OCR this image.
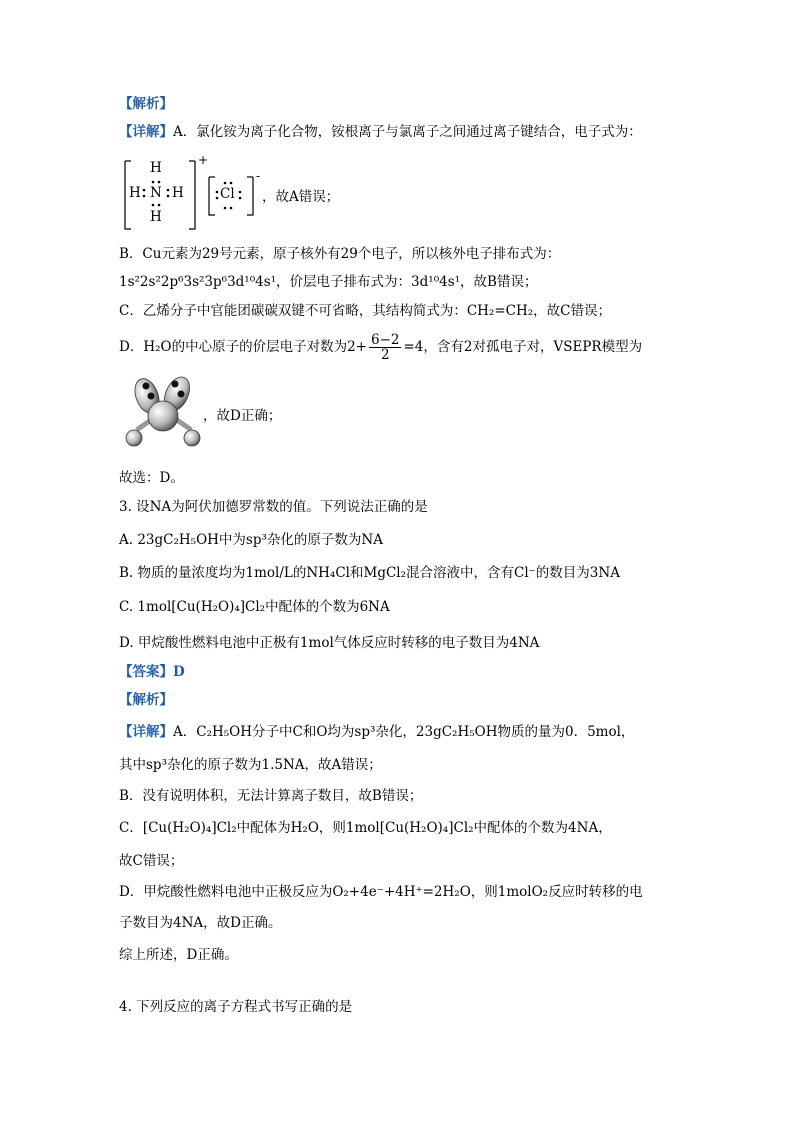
【解析】
【详解】A．氯化铵为离子化合物，铵根离子与氯离子之间通过离子键结合，电子式为：
H
H N H
H
+
Cl
-
，故A错误；
B．Cu元素为29号元素，原子核外有29个电子，所以核外电子排布式为：
1s²2s²2p⁶3s²3p⁶3d¹⁰4s¹，价层电子排布式为：3d¹⁰4s¹，故B错误；
C．乙烯分子中官能团碳碳双键不可省略，其结构简式为：CH₂=CH₂，故C错误；
D．H₂O的中心原子的价层电子对数为$2+ \frac{6-2}{2} =4$，含有2对孤电子对，VSEPR模型为
，故D正确；
故选：D。
3. 设NA为阿伏加德罗常数的值。下列说法正确的是
A. 23gC₂H₅OH中为sp³杂化的原子数为NA
B. 物质的量浓度均为1mol/L的NH₄Cl和MgCl₂混合溶液中，含有Cl⁻的数目为3NA
C. 1mol[Cu(H₂O)₄]Cl₂中配体的个数为6NA
D. 甲烷酸性燃料电池中正极有1mol气体反应时转移的电子数目为4NA
【答案】D
【解析】
【详解】A．C₂H₅OH分子中C和O均为sp³杂化，23gC₂H₅OH物质的量为0．5mol，
其中sp³杂化的原子数为1.5NA，故A错误；
B．没有说明体积，无法计算离子数目，故B错误；
C．[Cu(H₂O)₄]Cl₂中配体为H₂O，则1mol[Cu(H₂O)₄]Cl₂中配体的个数为4NA，
故C错误；
D．甲烷酸性燃料电池中正极反应为O₂+4e⁻+4H⁺=2H₂O，则1molO₂反应时转移的电
子数目为4NA，故D正确。
综上所述，D正确。
4. 下列反应的离子方程式书写正确的是
